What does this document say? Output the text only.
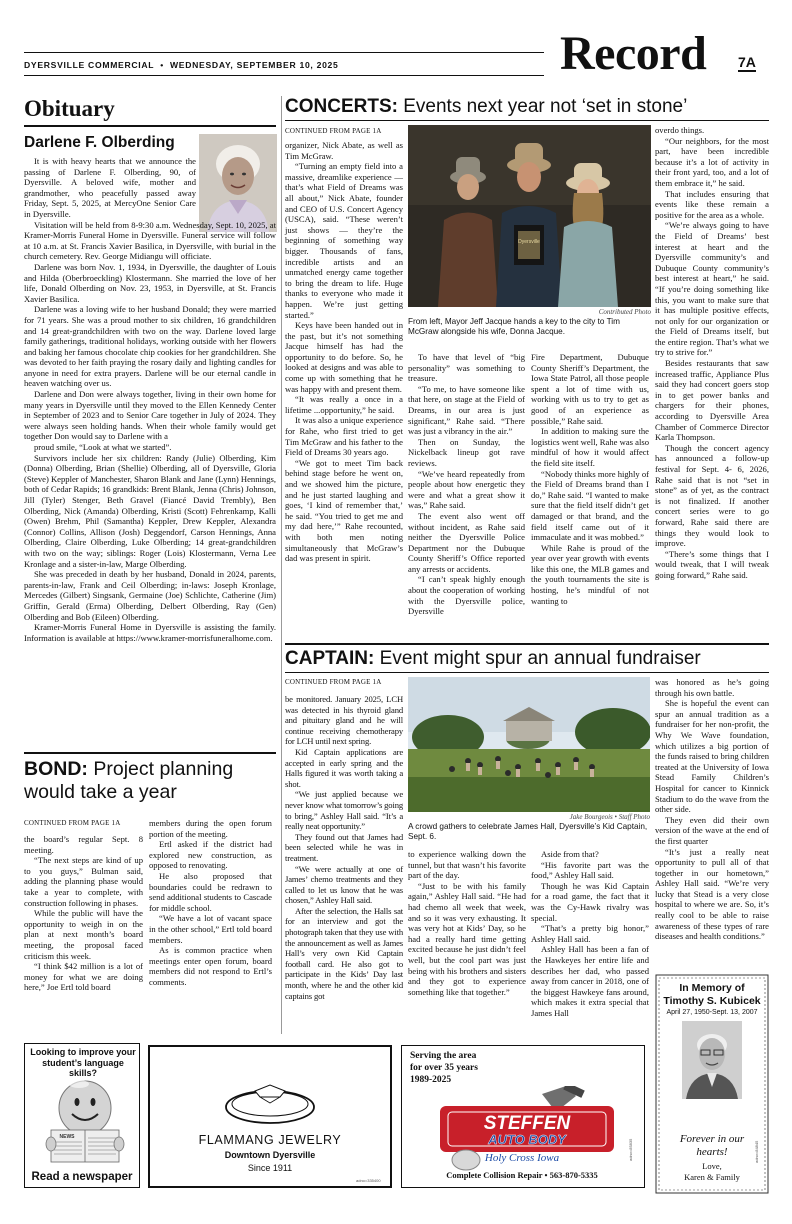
DYERSVILLE COMMERCIAL • WEDNESDAY, SEPTEMBER 10, 2025	Record 7A
Obituary
Darlene F. Olberding

It is with heavy hearts that we announce the passing of Darlene F. Olberding, 90, of Dyersville. A beloved wife, mother and grandmother, who peacefully passed away Friday, Sept. 5, 2025, at MercyOne Senior Care in Dyersville.

Visitation will be held from 8-9:30 a.m. Wednesday, Sept. 10, 2025, at Kramer-Morris Funeral Home in Dyersville. Funeral service will follow at 10 a.m. at St. Francis Xavier Basilica, in Dyersville, with burial in the church cemetery. Rev. George Midiangu will officiate.

Darlene was born Nov. 1, 1934, in Dyersville, the daughter of Louis and Hilda (Oberbroeckling) Klostermann. She married the love of her life, Donald Olberding on Nov. 23, 1953, in Dyersville, at St. Francis Xavier Basilica.

Darlene was a loving wife to her husband Donald; they were married for 71 years. She was a proud mother to six children, 16 grandchildren and 14 great-grandchildren with two on the way. Darlene loved large family gatherings, traditional holidays, working outside with her flowers and baking her famous chocolate chip cookies for her grandchildren. She was devoted to her faith praying the rosary daily and lighting candles for anyone in need for extra prayers. Darlene will be our eternal candle in heaven watching over us.

Darlene and Don were always together, living in their own home for many years in Dyersville until they moved to the Ellen Kennedy Center in September of 2023 and to Senior Care together in July of 2024. They were always seen holding hands. When their whole family would get together Don would say to Darlene with a

proud smile, “Look at what we started”.

Survivors include her six children: Randy (Julie) Olberding, Kim (Donna) Olberding, Brian (Shellie) Olberding, all of Dyersville, Gloria (Steve) Keppler of Manchester, Sharon Blank and Jane (Lynn) Hennings, both of Cedar Rapids; 16 grandkids: Brent Blank, Jenna (Chris) Johnson, Jill (Tyler) Stenger, Beth Gravel (Fiancé David Trembly), Ben Olberding, Nick (Amanda) Olberding, Kristi (Scott) Fehrenkamp, Kalli (Owen) Brehm, Phil (Samantha) Keppler, Drew Keppler, Alexandra (Connor) Collins, Allison (Josh) Deggendorf, Carson Hennings, Anna Olberding, Claire Olberding, Luke Olberding; 14 great-grandchildren with two on the way; siblings: Roger (Lois) Klostermann, Verna Lee Kronlage and a sister-in-law, Marge Olberding.

She was preceded in death by her husband, Donald in 2024, parents, parents-in-law, Frank and Ceil Olberding; in-laws: Joseph Kronlage, Mercedes (Gilbert) Singsank, Germaine (Joe) Schlichte, Catherine (Jim) Griffin, Gerald (Erma) Olberding, Delbert Olberding, Ray (Gen) Olberding and Bob (Eileen) Olberding.

Kramer-Morris Funeral Home in Dyersville is assisting the family. Information is available at https://www.kramer-morrisfuneralhome.com.

BOND: Project planning would take a year
CONTINUED FROM PAGE 1A

the board’s regular Sept. 8 meeting.

“The next steps are kind of up to you guys,” Bulman said, adding the planning phase would take a year to complete, with construction following in phases.

While the public will have the opportunity to weigh in on the plan at next month’s board meeting, the proposal faced criticism this week.

“I think $42 million is a lot of money for what we are doing here,” Joe Ertl told board

members during the open forum portion of the meeting.

Ertl asked if the district had explored new construction, as opposed to renovating.

He also proposed that boundaries could be redrawn to send additional students to Cascade for middle school.

“We have a lot of vacant space in the other school,” Ertl told board members.

As is common practice when meetings enter open forum, board members did not respond to Ertl’s comments.

CONCERTS: Events next year not ‘set in stone’
CONTINUED FROM PAGE 1A

organizer, Nick Abate, as well as Tim McGraw.

“Turning an empty field into a massive, dreamlike experience — that’s what Field of Dreams was all about,” Nick Abate, founder and CEO of U.S. Concert Agency (USCA), said. “These weren’t just shows — they’re the beginning of something way bigger. Thousands of fans, incredible artists and an unmatched energy came together to bring the dream to life. Huge thanks to everyone who made it happen. We’re just getting started.”

Keys have been handed out in the past, but it’s not something Jacque himself has had the opportunity to do before. So, he looked at designs and was able to come up with something that he was happy with and present them.

“It was really a once in a lifetime ...opportunity,” he said.

It was also a unique experience for Rahe, who first tried to get Tim McGraw and his father to the Field of Dreams 30 years ago.

“We got to meet Tim back behind stage before he went on, and we showed him the picture, and he just started laughing and goes, ‘I kind of remember that,’ he said. “You tried to get me and my dad here,’” Rahe recounted, with both men noting simultaneously that McGraw’s dad was present in spirit.

Dyersville
Contributed Photo
From left, Mayor Jeff Jacque hands a key to the city to Tim McGraw alongside his wife, Donna Jacque.

To have that level of “big personality” was something to treasure.

“To me, to have someone like that here, on stage at the Field of Dreams, in our area is just significant,” Rahe said. “There was just a vibrancy in the air.”

Then on Sunday, the Nickelback lineup got rave reviews.

“We’ve heard repeatedly from people about how energetic they were and what a great show it was,” Rahe said.

The event also went off without incident, as Rahe said neither the Dyersville Police Department nor the Dubuque County Sheriff’s Office reported any arrests or accidents.

“I can’t speak highly enough about the cooperation of working with the Dyersville police, Dyersville

Fire Department, Dubuque County Sheriff’s Department, the Iowa State Patrol, all those people spent a lot of time with us, working with us to try to get as good of an experience as possible,” Rahe said.

In addition to making sure the logistics went well, Rahe was also mindful of how it would affect the field site itself.

“Nobody thinks more highly of the Field of Dreams brand than I do,” Rahe said. “I wanted to make sure that the field itself didn’t get damaged or that brand, and the field itself came out of it immaculate and it was mobbed.”

While Rahe is proud of the year over year growth with events like this one, the MLB games and the youth tournaments the site is hosting, he’s mindful of not wanting to

overdo things.

“Our neighbors, for the most part, have been incredible because it’s a lot of activity in their front yard, too, and a lot of them embrace it,” he said.

That includes ensuring that events like these remain a positive for the area as a whole.

“We’re always going to have the Field of Dreams’ best interest at heart and the Dyersville community’s and Dubuque County community’s best interest at heart,” he said. “If you’re doing something like this, you want to make sure that it has multiple positive effects, not only for our organization or the Field of Dreams itself, but the entire region. That’s what we try to strive for.”

Besides restaurants that saw increased traffic, Appliance Plus said they had concert goers stop in to get power banks and chargers for their phones, according to Dyersville Area Chamber of Commerce Director Karla Thompson.

Though the concert agency has announced a follow-up festival for Sept. 4- 6, 2026, Rahe said that is not “set in stone” as of yet, as the contract is not finalized. If another concert series were to go forward, Rahe said there are things they would look to improve.

“There’s some things that I would tweak, that I will tweak going forward,” Rahe said.

CAPTAIN: Event might spur an annual fundraiser
CONTINUED FROM PAGE 1A

be monitored. January 2025, LCH was detected in his thyroid gland and pituitary gland and he will continue receiving chemotherapy for LCH until next spring.

Kid Captain applications are accepted in early spring and the Halls figured it was worth taking a shot.

“We just applied because we never know what tomorrow’s going to bring,” Ashley Hall said. “It’s a really neat opportunity.”

They found out that James had been selected while he was in treatment.

“We were actually at one of James’ chemo treatments and they called to let us know that he was chosen,” Ashley Hall said.

After the selection, the Halls sat for an interview and got the photograph taken that they use with the announcement as well as James Hall’s very own Kid Captain football card. He also got to participate in the Kids’ Day last month, where he and the other kid captains got

Jake Bourgeois • Staff Photo
A crowd gathers to celebrate James Hall, Dyersville’s Kid Captain, Sept. 6.

to experience walking down the tunnel, but that wasn’t his favorite part of the day.

“Just to be with his family again,” Ashley Hall said. “He had had chemo all week that week, and so it was very exhausting. It was very hot at Kids’ Day, so he had a really hard time getting excited because he just didn’t feel well, but the cool part was just being with his brothers and sisters and they got to experience something like that together.”

Aside from that?

“His favorite part was the food,” Ashley Hall said.

Though he was Kid Captain for a road game, the fact that it was the Cy-Hawk rivalry was special.

“That’s a pretty big honor,” Ashley Hall said.

Ashley Hall has been a fan of the Hawkeyes her entire life and describes her dad, who passed away from cancer in 2018, one of the biggest Hawkeye fans around, which makes it extra special that James Hall

was honored as he’s going through his own battle.

She is hopeful the event can spur an annual tradition as a fundraiser for her non-profit, the Why We Wave foundation, which utilizes a big portion of the funds raised to bring children treated at the University of Iowa Stead Family Children’s Hospital for cancer to Kinnick Stadium to do the wave from the other side.

They even did their own version of the wave at the end of the first quarter

“It’s just a really neat opportunity to pull all of that together in our hometown,” Ashley Hall said. “We’re very lucky that Stead is a very close hospital to where we are. So, it’s really cool to be able to raise awareness of these types of rare diseases and health conditions.”

In Memory of
Timothy S. Kubicek
April 27, 1950-Sept. 13, 2007
Forever in our
hearts!
Love,
Karen & Family
adno=84845
Looking to improve your student’s language skills?
NEWS
Read a newspaper
FLAMMANG JEWELRY
Downtown Dyersville
Since 1911
adno=335400
Serving the area
for over 35 years
1989-2025
STEFFEN
AUTO BODY
Holy Cross Iowa
Complete Collision Repair • 563-870-5335
adno=85835
